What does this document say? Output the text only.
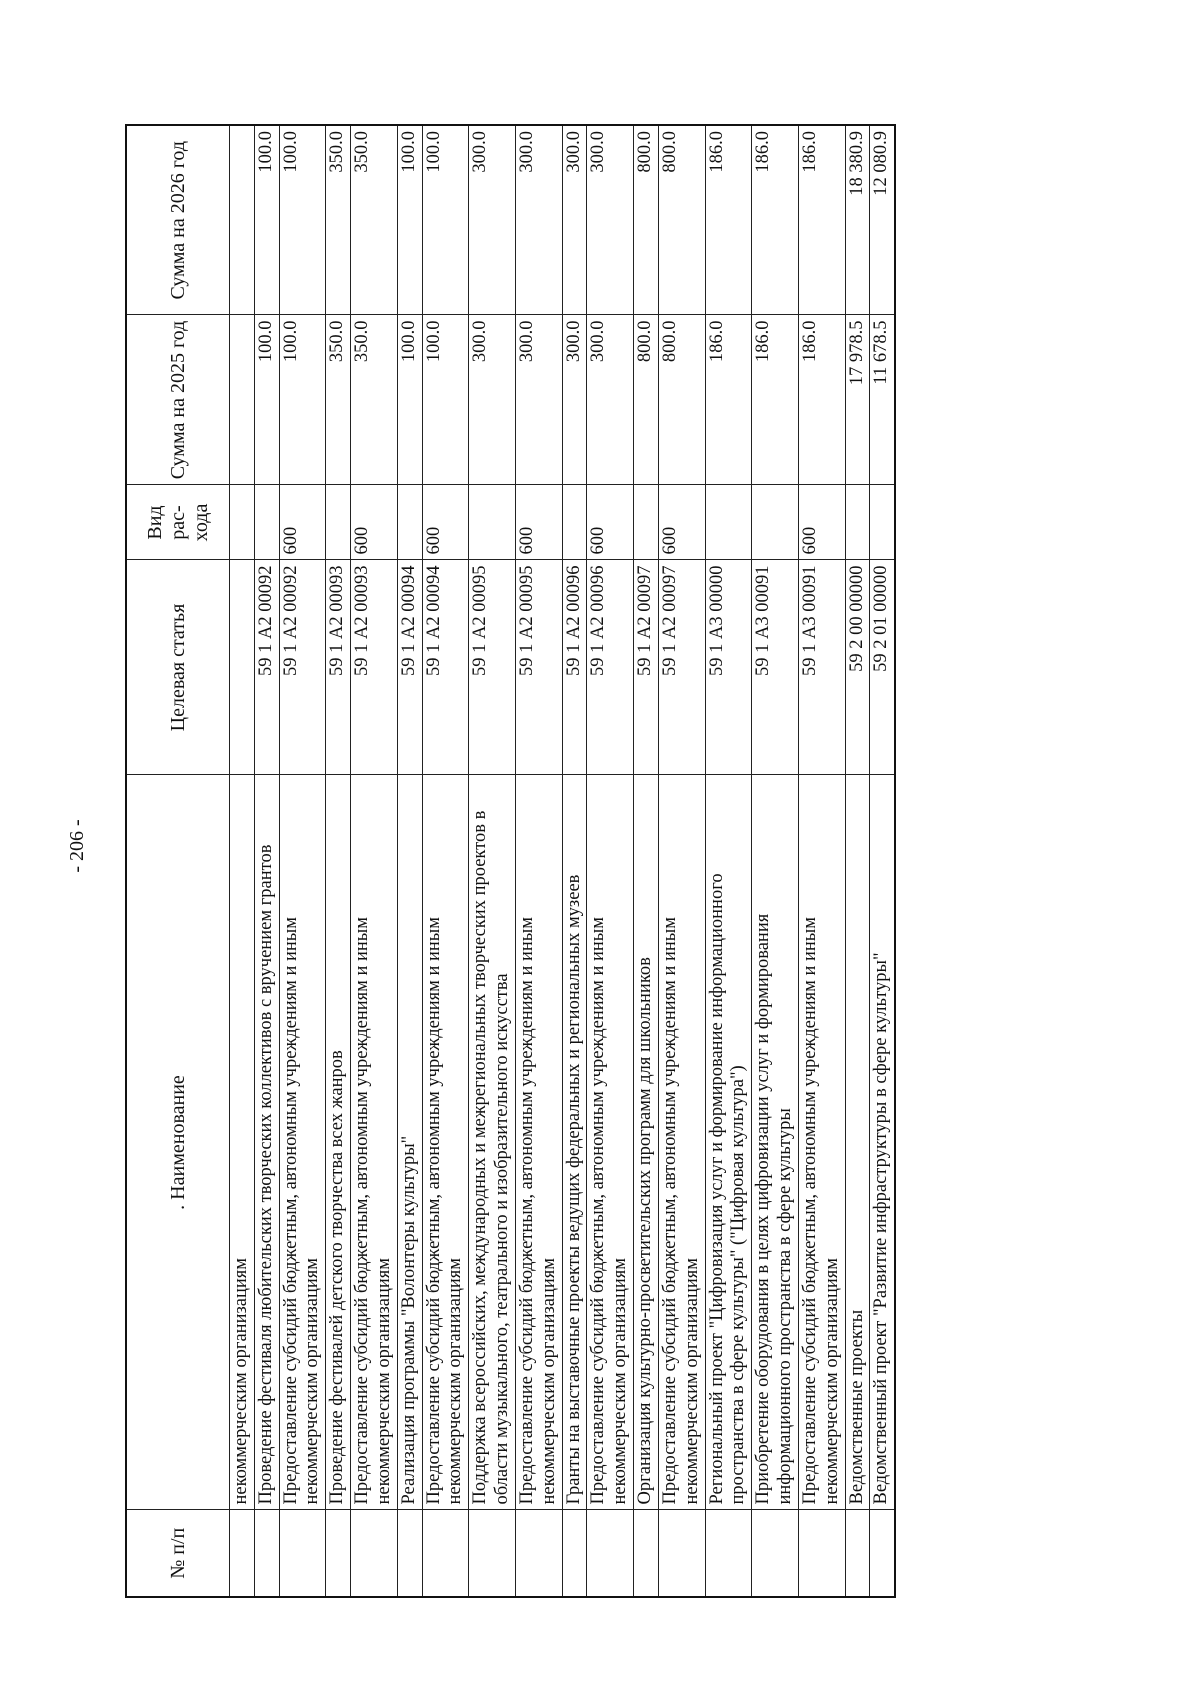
- 206 -
№ п/п	. Наименование	Целевая статья	Вид рас-хода	Сумма на 2025 год	Сумма на 2026 год
	некоммерческим организациям				
	Проведение фестиваля любительских творческих коллективов с вручением грантов	59 1 А2 00092		100.0	100.0
	Предоставление субсидий бюджетным, автономным учреждениям и иным некоммерческим организациям	59 1 А2 00092	600	100.0	100.0
	Проведение фестивалей детского творчества всех жанров	59 1 А2 00093		350.0	350.0
	Предоставление субсидий бюджетным, автономным учреждениям и иным некоммерческим организациям	59 1 А2 00093	600	350.0	350.0
	Реализация программы "Волонтеры культуры"	59 1 А2 00094		100.0	100.0
	Предоставление субсидий бюджетным, автономным учреждениям и иным некоммерческим организациям	59 1 А2 00094	600	100.0	100.0
	Поддержка всероссийских, международных и межрегиональных творческих проектов в области музыкального, театрального и изобразительного искусства	59 1 А2 00095		300.0	300.0
	Предоставление субсидий бюджетным, автономным учреждениям и иным некоммерческим организациям	59 1 А2 00095	600	300.0	300.0
	Гранты на выставочные проекты ведущих федеральных и региональных музеев	59 1 А2 00096		300.0	300.0
	Предоставление субсидий бюджетным, автономным учреждениям и иным некоммерческим организациям	59 1 А2 00096	600	300.0	300.0
	Организация культурно-просветительских программ для школьников	59 1 А2 00097		800.0	800.0
	Предоставление субсидий бюджетным, автономным учреждениям и иным некоммерческим организациям	59 1 А2 00097	600	800.0	800.0
	Региональный проект "Цифровизация услуг и формирование информационного пространства в сфере культуры" ("Цифровая культура")	59 1 А3 00000		186.0	186.0
	Приобретение оборудования в целях цифровизации услуг и формирования информационного пространства в сфере культуры	59 1 А3 00091		186.0	186.0
	Предоставление субсидий бюджетным, автономным учреждениям и иным некоммерческим организациям	59 1 А3 00091	600	186.0	186.0
	Ведомственные проекты	59 2 00 00000		17 978.5	18 380.9
	Ведомственный проект "Развитие инфраструктуры в сфере культуры"	59 2 01 00000		11 678.5	12 080.9
